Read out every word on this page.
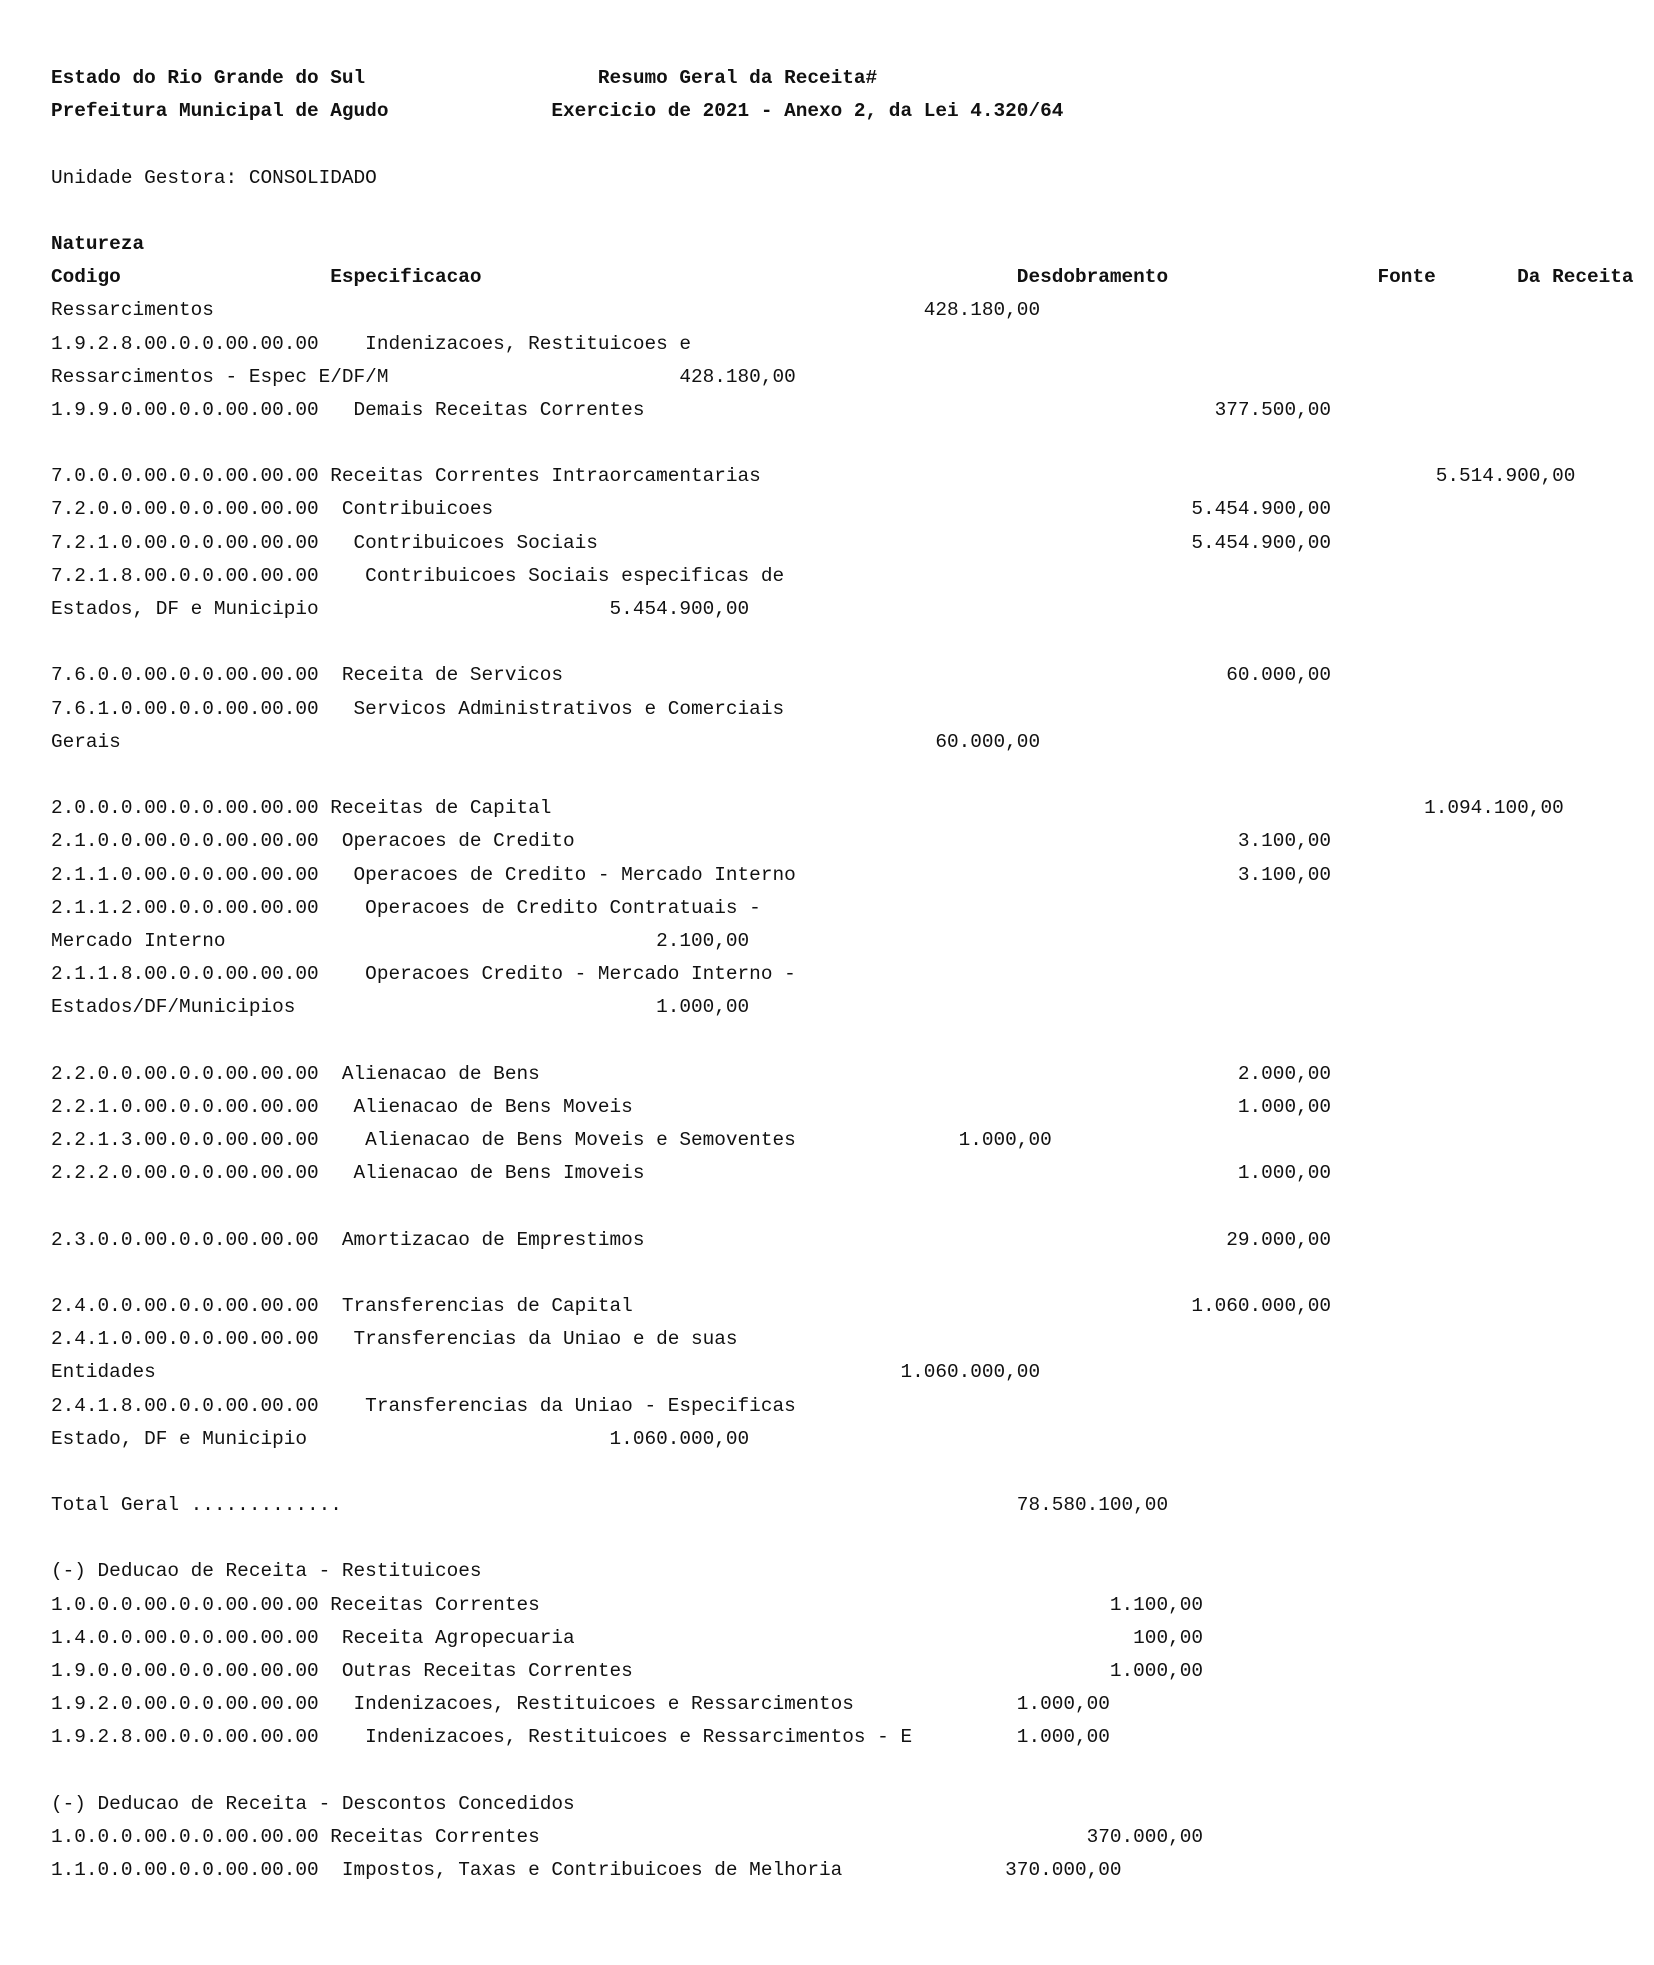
Estado do Rio Grande do Sul                    Resumo Geral da Receita#
Prefeitura Municipal de Agudo              Exercicio de 2021 - Anexo 2, da Lei 4.320/64
Unidade Gestora: CONSOLIDADO
Natureza
Codigo                  Especificacao                                              Desdobramento                  Fonte       Da Receita
Ressarcimentos                                                             428.180,00
1.9.2.8.00.0.0.00.00.00    Indenizacoes, Restituicoes e
Ressarcimentos - Espec E/DF/M                         428.180,00
1.9.9.0.00.0.0.00.00.00   Demais Receitas Correntes                                                 377.500,00
7.0.0.0.00.0.0.00.00.00 Receitas Correntes Intraorcamentarias                                                          5.514.900,00
7.2.0.0.00.0.0.00.00.00  Contribuicoes                                                            5.454.900,00
7.2.1.0.00.0.0.00.00.00   Contribuicoes Sociais                                                   5.454.900,00
7.2.1.8.00.0.0.00.00.00    Contribuicoes Sociais especificas de
Estados, DF e Municipio                         5.454.900,00
7.6.0.0.00.0.0.00.00.00  Receita de Servicos                                                         60.000,00
7.6.1.0.00.0.0.00.00.00   Servicos Administrativos e Comerciais
Gerais                                                                      60.000,00
2.0.0.0.00.0.0.00.00.00 Receitas de Capital                                                                           1.094.100,00
2.1.0.0.00.0.0.00.00.00  Operacoes de Credito                                                         3.100,00
2.1.1.0.00.0.0.00.00.00   Operacoes de Credito - Mercado Interno                                      3.100,00
2.1.1.2.00.0.0.00.00.00    Operacoes de Credito Contratuais -
Mercado Interno                                     2.100,00
2.1.1.8.00.0.0.00.00.00    Operacoes Credito - Mercado Interno -
Estados/DF/Municipios                               1.000,00
2.2.0.0.00.0.0.00.00.00  Alienacao de Bens                                                            2.000,00
2.2.1.0.00.0.0.00.00.00   Alienacao de Bens Moveis                                                    1.000,00
2.2.1.3.00.0.0.00.00.00    Alienacao de Bens Moveis e Semoventes              1.000,00
2.2.2.0.00.0.0.00.00.00   Alienacao de Bens Imoveis                                                   1.000,00
2.3.0.0.00.0.0.00.00.00  Amortizacao de Emprestimos                                                  29.000,00
2.4.0.0.00.0.0.00.00.00  Transferencias de Capital                                                1.060.000,00
2.4.1.0.00.0.0.00.00.00   Transferencias da Uniao e de suas
Entidades                                                                1.060.000,00
2.4.1.8.00.0.0.00.00.00    Transferencias da Uniao - Especificas
Estado, DF e Municipio                          1.060.000,00
Total Geral .............                                                          78.580.100,00
(-) Deducao de Receita - Restituicoes
1.0.0.0.00.0.0.00.00.00 Receitas Correntes                                                 1.100,00
1.4.0.0.00.0.0.00.00.00  Receita Agropecuaria                                                100,00
1.9.0.0.00.0.0.00.00.00  Outras Receitas Correntes                                         1.000,00
1.9.2.0.00.0.0.00.00.00   Indenizacoes, Restituicoes e Ressarcimentos              1.000,00
1.9.2.8.00.0.0.00.00.00    Indenizacoes, Restituicoes e Ressarcimentos - E         1.000,00
(-) Deducao de Receita - Descontos Concedidos
1.0.0.0.00.0.0.00.00.00 Receitas Correntes                                               370.000,00
1.1.0.0.00.0.0.00.00.00  Impostos, Taxas e Contribuicoes de Melhoria              370.000,00
